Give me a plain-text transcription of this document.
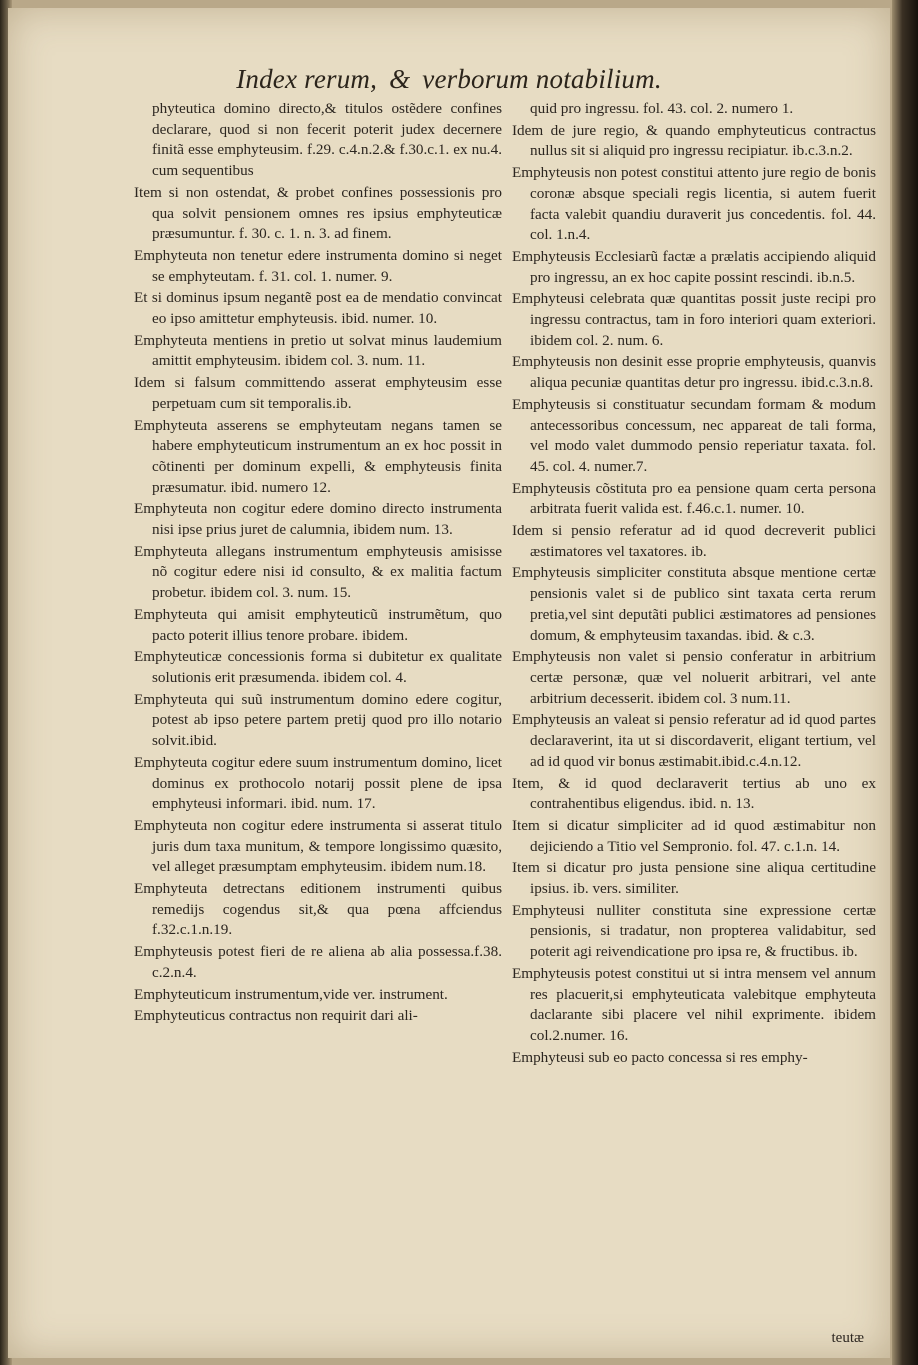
Index rerum, & verborum notabilium.

phyteutica domino directo,& titulos ostẽdere confines declarare, quod si non fecerit poterit judex decernere finitã esse emphyteusim. f.29. c.4.n.2.& f.30.c.1. ex nu.4. cum sequentibus

Item si non ostendat, & probet confines possessionis pro qua solvit pensionem omnes res ipsius emphyteuticæ præsumuntur. f. 30. c. 1. n. 3. ad finem.

Emphyteuta non tenetur edere instrumenta domino si neget se emphyteutam. f. 31. col. 1. numer. 9.

Et si dominus ipsum negantẽ post ea de mendatio convincat eo ipso amittetur emphyteusis. ibid. numer. 10.

Emphyteuta mentiens in pretio ut solvat minus laudemium amittit emphyteusim. ibidem col. 3. num. 11.

Idem si falsum committendo asserat emphyteusim esse perpetuam cum sit temporalis.ib.

Emphyteuta asserens se emphyteutam negans tamen se habere emphyteuticum instrumentum an ex hoc possit in cõtinenti per dominum expelli, & emphyteusis finita præsumatur. ibid. numero 12.

Emphyteuta non cogitur edere domino directo instrumenta nisi ipse prius juret de calumnia, ibidem num. 13.

Emphyteuta allegans instrumentum emphyteusis amisisse nõ cogitur edere nisi id consulto, & ex malitia factum probetur. ibidem col. 3. num. 15.

Emphyteuta qui amisit emphyteuticũ instrumẽtum, quo pacto poterit illius tenore probare. ibidem.

Emphyteuticæ concessionis forma si dubitetur ex qualitate solutionis erit præsumenda. ibidem col. 4.

Emphyteuta qui suũ instrumentum domino edere cogitur, potest ab ipso petere partem pretij quod pro illo notario solvit.ibid.

Emphyteuta cogitur edere suum instrumentum domino, licet dominus ex prothocolo notarij possit plene de ipsa emphyteusi informari. ibid. num. 17.

Emphyteuta non cogitur edere instrumenta si asserat titulo juris dum taxa munitum, & tempore longissimo quæsito, vel alleget præsumptam emphyteusim. ibidem num.18.

Emphyteuta detrectans editionem instrumenti quibus remedijs cogendus sit,& qua pœna affciendus f.32.c.1.n.19.

Emphyteusis potest fieri de re aliena ab alia possessa.f.38. c.2.n.4.

Emphyteuticum instrumentum,vide ver. instrument.

Emphyteuticus contractus non requirit dari ali-

quid pro ingressu. fol. 43. col. 2. numero 1.

Idem de jure regio, & quando emphyteuticus contractus nullus sit si aliquid pro ingressu recipiatur. ib.c.3.n.2.

Emphyteusis non potest constitui attento jure regio de bonis coronæ absque speciali regis licentia, si autem fuerit facta valebit quandiu duraverit jus concedentis. fol. 44. col. 1.n.4.

Emphyteusis Ecclesiarũ factæ a prælatis accipiendo aliquid pro ingressu, an ex hoc capite possint rescindi. ib.n.5.

Emphyteusi celebrata quæ quantitas possit juste recipi pro ingressu contractus, tam in foro interiori quam exteriori. ibidem col. 2. num. 6.

Emphyteusis non desinit esse proprie emphyteusis, quanvis aliqua pecuniæ quantitas detur pro ingressu. ibid.c.3.n.8.

Emphyteusis si constituatur secundam formam & modum antecessoribus concessum, nec appareat de tali forma, vel modo valet dummodo pensio reperiatur taxata. fol. 45. col. 4. numer.7.

Emphyteusis cõstituta pro ea pensione quam certa persona arbitrata fuerit valida est. f.46.c.1. numer. 10.

Idem si pensio referatur ad id quod decreverit publici æstimatores vel taxatores. ib.

Emphyteusis simpliciter constituta absque mentione certæ pensionis valet si de publico sint taxata certa rerum pretia,vel sint deputãti publici æstimatores ad pensiones domum, & emphyteusim taxandas. ibid. & c.3.

Emphyteusis non valet si pensio conferatur in arbitrium certæ personæ, quæ vel noluerit arbitrari, vel ante arbitrium decesserit. ibidem col. 3 num.11.

Emphyteusis an valeat si pensio referatur ad id quod partes declaraverint, ita ut si discordaverit, eligant tertium, vel ad id quod vir bonus æstimabit.ibid.c.4.n.12.

Item, & id quod declaraverit tertius ab uno ex contrahentibus eligendus. ibid. n. 13.

Item si dicatur simpliciter ad id quod æstimabitur non dejiciendo a Titio vel Sempronio. fol. 47. c.1.n. 14.

Item si dicatur pro justa pensione sine aliqua certitudine ipsius. ib. vers. similiter.

Emphyteusi nulliter constituta sine expressione certæ pensionis, si tradatur, non propterea validabitur, sed poterit agi reivendicatione pro ipsa re, & fructibus. ib.

Emphyteusis potest constitui ut si intra mensem vel annum res placuerit,si emphyteuticata valebitque emphyteuta daclarante sibi placere vel nihil exprimente. ibidem col.2.numer. 16.

Emphyteusi sub eo pacto concessa si res emphy-

teutæ
